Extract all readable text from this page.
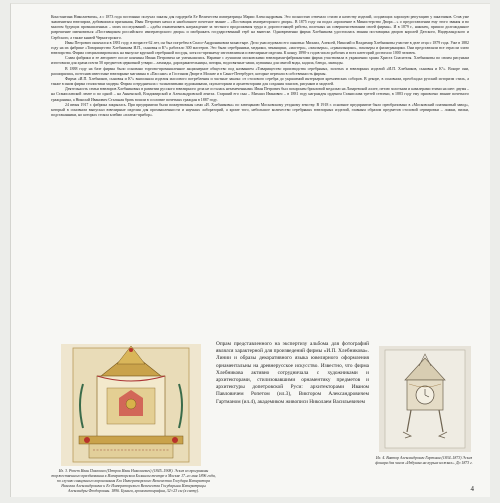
Константина Николаевича», а с 1873 года постоянно получал заказы для гардероба Ее Величества императрицы Марии Александровны. Это полностью отвечало стилю и качеству изделий, создающих хорошую репутацию у заказчиков. Став уже знаменитым ювелиром, добившимся признания, Иван Петрович начал и наибольшее почетное звание – «Поставщик императорского двора». В 1875 году он подал «прошение в Министерство Двора…» о предоставлении ему этого звания и во многом будущих промышленных – моих исследований – «дабы ознаменовать награждение за честного продолжения труда и дорогостоящей работы, полезных на совершенствовании своей фирмы». И в 1879 г., наконец, пришло долгожданное разрешение именоваться «Поставщиком российского императорского двора» и изображать государственный герб на вывеске. Одновременно фирма Хлебникова удостоилась звания поставщика дворов королей Датского, Нидерландского и Сербского, а также князей Черногорского.

Иван Петрович скончался в 1881 году, в возрасте 62 лет, он был погребен в Спасо-Андрониковом монастыре. Дело унаследовали его сыновья: Михаил, Алексей, Николай и Владимир Хлебниковы участие в деле отца с 1879 года. Уже в 1882 году на их фабрике «Товарищество Хлебникова И.П., сыновья и К°» работало 300 мастеров. Это были серебряники, медники, чеканщики, «мастера», «эмальеры», «гранильщики», эмальеры и филигранщики. Они представляли все отрасли злато ювелирства. Фирма специализировалась на выпуске крупной серебряной посуды, хотя по-прежнему изготавливала и ювелирные изделия. К концу 1890-х годов число рабочих и всех категорий достигало 1000 человек.

Слава фабрики и ее авторитет после кончины Ивана Петровича не уменьшились. Наравне с лучшими московскими ювелирами-фабрикантами фирма участвовала в украшении храма Христа Спасителя. Хлебниковы по своим рисункам изготовили для храма почти 50 предметов церковной утвари – лампады, дарохранительницы, потиры, водосвятные чаши, кувшины для святой воды, кадила, блюда, лампады.

В 1888 году на базе фирмы было основано торгово-промышленное акционерное общество под названием «Товарищество производства серебряных, золотых и ювелирных изделий «И.П. Хлебников, сыновья и К°». Вскоре они, расширились, потеснив известные ювелирные магазины в «Пассаже» и Гостином Дворе в Москве и в Санкт-Петербурге, которые перешли в собственность фирмы.

Фирма «И.П. Хлебников, сыновья и К°» выполняла изделия массового потребления и частные заказы: от столового серебра до украшений интерьеров кремлевских соборов. В декоре, в основном, преобладал русский историзм стиль, а также в ином фирма стилистики модерн. Фирма сотрудничала с талантливыми художниками, скульпторами и архитекторами для создания эскизов, рисунков и моделей.

Деятельность семьи ювелиров Хлебниковых в развитии русского ювелирного дела не осталась незамеченными. Иван Петрович был похоронен бронзовой медалью на Лазаревской аллее, петлю золотыми и кавалерами этими на шее: двумя – на Станиславской ленте и по одной – на Анненской, Владимирской и Александровской лентах. Старший его сын – Михаил Иванович – в 1881 году награжден орденом Станислава третей степени, в 1883 году ему присвоено звание почетного гражданина, а Николай Иванович Стальная брать вошли в сословие почетных граждан в 1887 году.

24 июня 1917 г. фабрика закрылась. При предприятии были пожертвованы сами «И. Хлебниковы» по завещанию Московскому уездному земству. В 1918 г. основное предприятие было преобразовано в «Московский платиновый завод», который в основном выпускал ювелирные изделия для промышленности и научных лабораторий, а кроме того, небольшое количество серебряных ювелирных изделий, главным образом предметов столовой сервировки – ложки, вилки, подстаканники, но которых стояла клеймо «платно-прибор».

Ил. 3. Ропет Иван Павлович (Петров Иван Николаевич) (1845–1908). Эскиз из программы торжественного празднования в Императорском Большом театре в Москве 17–го мая 1896 года, по случаю священного коронования Его Императорского Величества Государя Императора Николая Александровича и Ее Императорского Величества Государыни Императрицы Александры Феодоровны. 1896. Бумага, хромолитография, 32×23 см (в свету).

Опрам представленного на экспертизу альбома для фотографий являлся характерной для произведений фирмы «И.П. Хлебникова». Линии и образы декоративного языка ювелирного оформления орнаментальны на древнерусское искусство. Известно, что фирма Хлебникова активно сотрудничала с художниками и архитекторами, стилизовавшими орнаментику предметов и архитектуры допетровской Руси: архитекторами Иваном Павловичем Ропетом (ил.3), Виктором Александровичем Гартманом (ил.4), академиком живописи Николаем Васильевичем

Ил. 4. Виктор Александрович Гартман (1834–1873) Эскиз фонаря для часов «Избушка на курьих ножках». До 1873 г.
4
